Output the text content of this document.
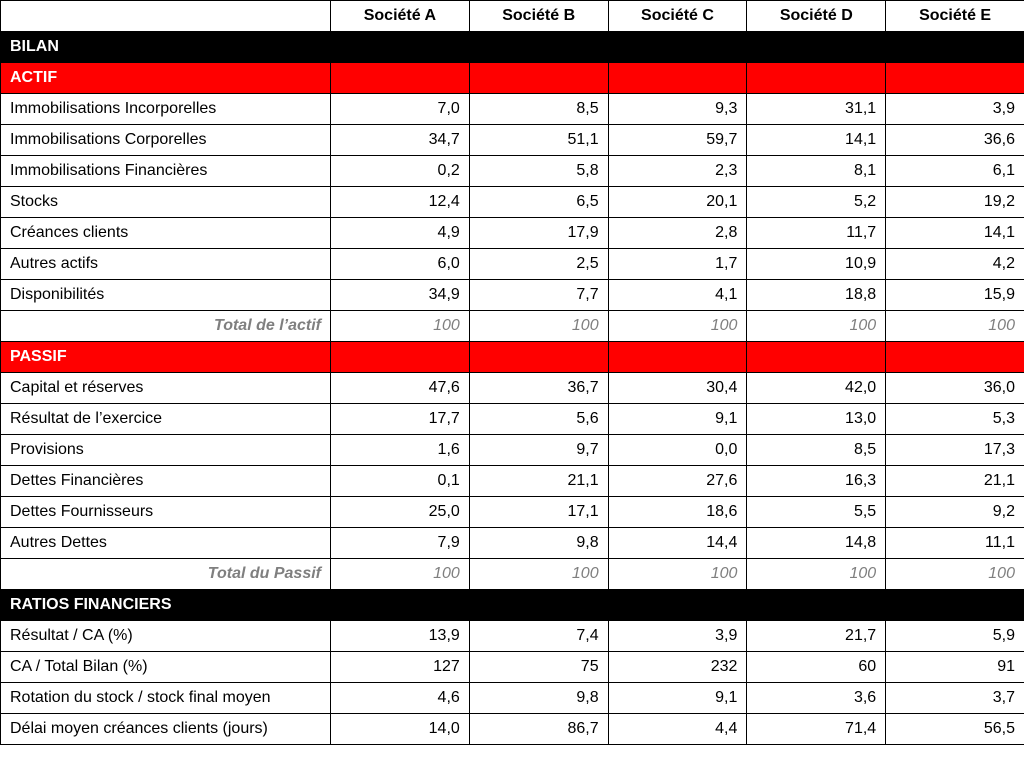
	Société A	Société B	Société C	Société D	Société E
BILAN					
ACTIF					
Immobilisations Incorporelles	7,0	8,5	9,3	31,1	3,9
Immobilisations Corporelles	34,7	51,1	59,7	14,1	36,6
Immobilisations Financières	0,2	5,8	2,3	8,1	6,1
Stocks	12,4	6,5	20,1	5,2	19,2
Créances clients	4,9	17,9	2,8	11,7	14,1
Autres actifs	6,0	2,5	1,7	10,9	4,2
Disponibilités	34,9	7,7	4,1	18,8	15,9
Total de l’actif	100	100	100	100	100
PASSIF					
Capital et réserves	47,6	36,7	30,4	42,0	36,0
Résultat de l’exercice	17,7	5,6	9,1	13,0	5,3
Provisions	1,6	9,7	0,0	8,5	17,3
Dettes Financières	0,1	21,1	27,6	16,3	21,1
Dettes Fournisseurs	25,0	17,1	18,6	5,5	9,2
Autres Dettes	7,9	9,8	14,4	14,8	11,1
Total du Passif	100	100	100	100	100
RATIOS FINANCIERS					
Résultat / CA (%)	13,9	7,4	3,9	21,7	5,9
CA / Total Bilan (%)	127	75	232	60	91
Rotation du stock / stock final moyen	4,6	9,8	9,1	3,6	3,7
Délai moyen créances clients (jours)	14,0	86,7	4,4	71,4	56,5
